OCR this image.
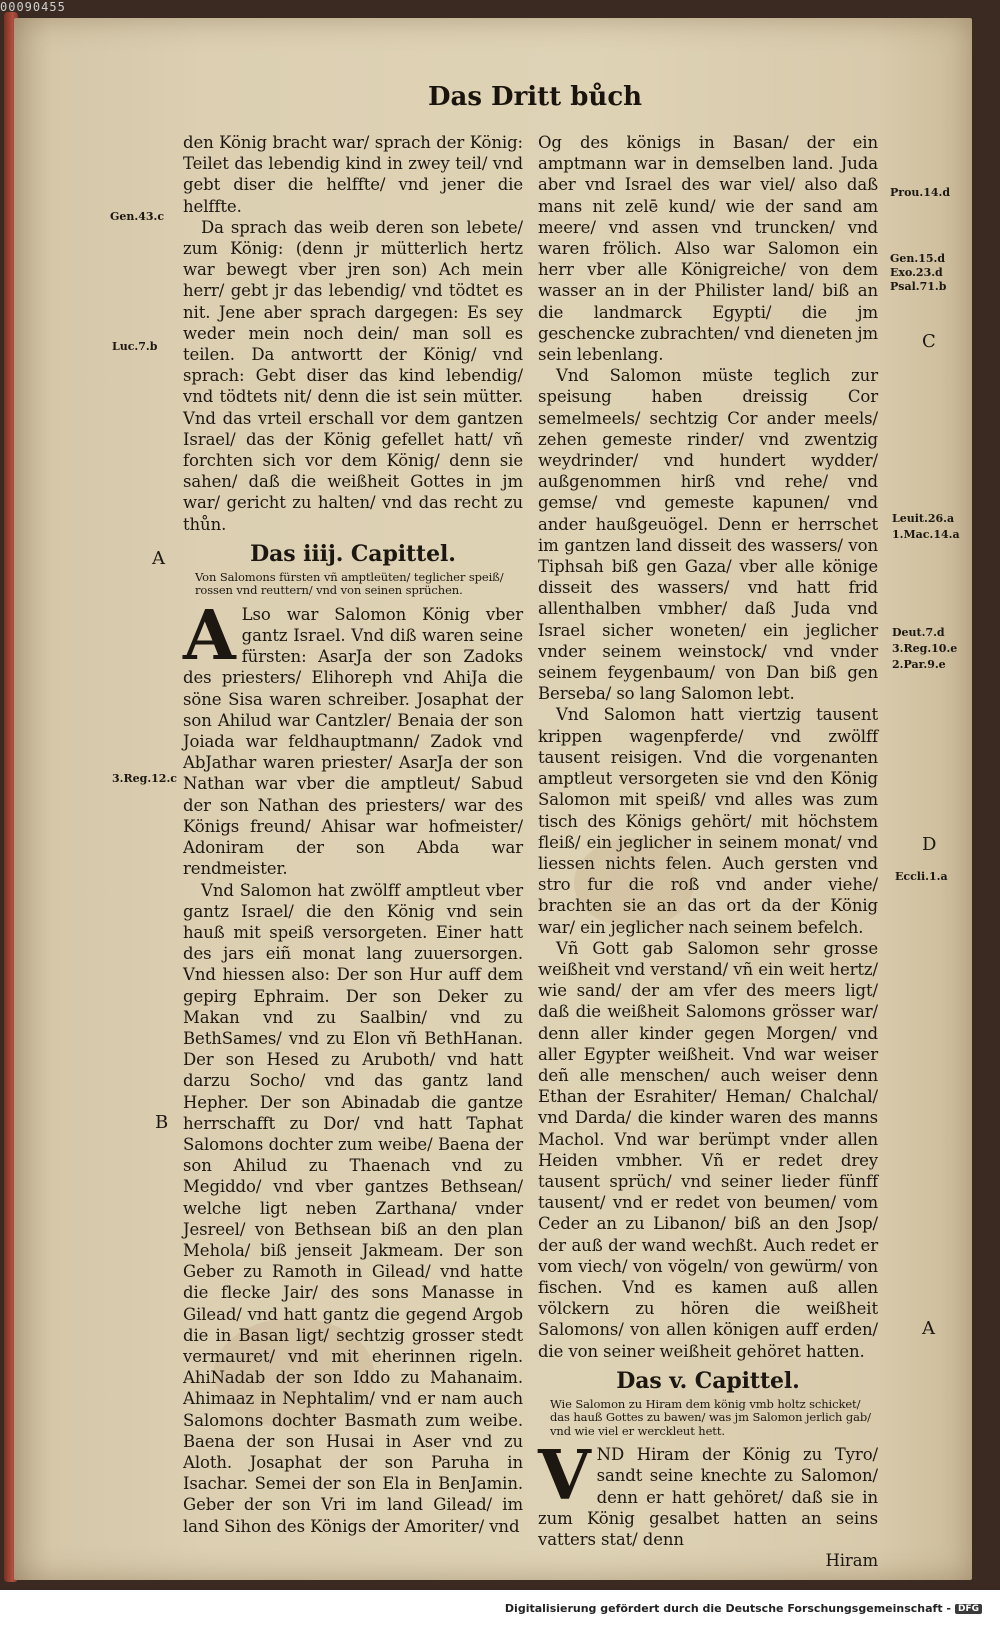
00090455
Das Dritt bůch

den König bracht war/ sprach der König: Teilet das lebendig kind in zwey teil/ vnd gebt diser die helffte/ vnd jener die helffte.

Da sprach das weib deren son lebete/ zum König: (denn jr mütterlich hertz war bewegt vber jren son) Ach mein herr/ gebt jr das lebendig/ vnd tödtet es nit. Jene aber sprach dargegen: Es sey weder mein noch dein/ man soll es teilen. Da antwortt der König/ vnd sprach: Gebt diser das kind lebendig/ vnd tödtets nit/ denn die ist sein mütter. Vnd das vrteil erschall vor dem gantzen Israel/ das der König gefellet hatt/ vñ forchten sich vor dem König/ denn sie sahen/ daß die weißheit Gottes in jm war/ gericht zu halten/ vnd das recht zu thůn.

Das iiij. Capittel.
Von Salomons fürsten vñ amptleüten/ teglicher speiß/ rossen vnd reuttern/ vnd von seinen sprüchen.

A Lso war Salomon König vber gantz Israel. Vnd diß waren seine fürsten: AsarJa der son Zadoks des priesters/ Elihoreph vnd AhiJa die söne Sisa waren schreiber. Josaphat der son Ahilud war Cantzler/ Benaia der son Joiada war feldhauptmann/ Zadok vnd AbJathar waren priester/ AsarJa der son Nathan war vber die amptleut/ Sabud der son Nathan des priesters/ war des Königs freund/ Ahisar war hofmeister/ Adoniram der son Abda war rendmeister.

Vnd Salomon hat zwölff amptleut vber gantz Israel/ die den König vnd sein hauß mit speiß versorgeten. Einer hatt des jars eiñ monat lang zuuersorgen. Vnd hiessen also: Der son Hur auff dem gepirg Ephraim. Der son Deker zu Makan vnd zu Saalbin/ vnd zu BethSames/ vnd zu Elon vñ BethHanan. Der son Hesed zu Aruboth/ vnd hatt darzu Socho/ vnd das gantz land Hepher. Der son Abinadab die gantze herrschafft zu Dor/ vnd hatt Taphat Salomons dochter zum weibe/ Baena der son Ahilud zu Thaenach vnd zu Megiddo/ vnd vber gantzes Bethsean/ welche ligt neben Zarthana/ vnder Jesreel/ von Bethsean biß an den plan Mehola/ biß jenseit Jakmeam. Der son Geber zu Ramoth in Gilead/ vnd hatte die flecke Jair/ des sons Manasse in Gilead/ vnd hatt gantz die gegend Argob die in Basan ligt/ sechtzig grosser stedt vermauret/ vnd mit eherinnen rigeln. AhiNadab der son Iddo zu Mahanaim. Ahimaaz in Nephtalim/ vnd er nam auch Salomons dochter Basmath zum weibe. Baena der son Husai in Aser vnd zu Aloth. Josaphat der son Paruha in Isachar. Semei der son Ela in BenJamin. Geber der son Vri im land Gilead/ im land Sihon des Königs der Amoriter/ vnd

Og des königs in Basan/ der ein amptmann war in demselben land. Juda aber vnd Israel des war viel/ also daß mans nit zelē kund/ wie der sand am meere/ vnd assen vnd truncken/ vnd waren frölich. Also war Salomon ein herr vber alle Königreiche/ von dem wasser an in der Philister land/ biß an die landmarck Egypti/ die jm geschencke zubrachten/ vnd dieneten jm sein lebenlang.

Vnd Salomon müste teglich zur speisung haben dreissig Cor semelmeels/ sechtzig Cor ander meels/ zehen gemeste rinder/ vnd zwentzig weydrinder/ vnd hundert wydder/ außgenommen hirß vnd rehe/ vnd gemse/ vnd gemeste kapunen/ vnd ander haußgeuögel. Denn er herrschet im gantzen land disseit des wassers/ von Tiphsah biß gen Gaza/ vber alle könige disseit des wassers/ vnd hatt frid allenthalben vmbher/ daß Juda vnd Israel sicher woneten/ ein jeglicher vnder seinem weinstock/ vnd vnder seinem feygenbaum/ von Dan biß gen Berseba/ so lang Salomon lebt.

Vnd Salomon hatt viertzig tausent krippen wagenpferde/ vnd zwölff tausent reisigen. Vnd die vorgenanten amptleut versorgeten sie vnd den König Salomon mit speiß/ vnd alles was zum tisch des Königs gehört/ mit höchstem fleiß/ ein jeglicher in seinem monat/ vnd liessen nichts felen. Auch gersten vnd stro fur die roß vnd ander viehe/ brachten sie an das ort da der König war/ ein jeglicher nach seinem befelch.

Vñ Gott gab Salomon sehr grosse weißheit vnd verstand/ vñ ein weit hertz/ wie sand/ der am vfer des meers ligt/ daß die weißheit Salomons grösser war/ denn aller kinder gegen Morgen/ vnd aller Egypter weißheit. Vnd war weiser deñ alle menschen/ auch weiser denn Ethan der Esrahiter/ Heman/ Chalchal/ vnd Darda/ die kinder waren des manns Machol. Vnd war berümpt vnder allen Heiden vmbher. Vñ er redet drey tausent sprüch/ vnd seiner lieder fünff tausent/ vnd er redet von beumen/ vom Ceder an zu Libanon/ biß an den Jsop/ der auß der wand wechßt. Auch redet er vom viech/ von vögeln/ von gewürm/ von fischen. Vnd es kamen auß allen völckern zu hören die weißheit Salomons/ von allen königen auff erden/ die von seiner weißheit gehöret hatten.

Das v. Capittel.
Wie Salomon zu Hiram dem könig vmb holtz schicket/ das hauß Gottes zu bawen/ was jm Salomon jerlich gab/ vnd wie viel er werckleut hett.

VND Hiram der König zu Tyro/ sandt seine knechte zu Salomon/ denn er hatt gehöret/ daß sie in zum König gesalbet hatten an seins vatters stat/ denn

Hiram
Gen.43.c
Luc.7.b
A
3.Reg.12.c
B
Prou.14.d
Gen.15.d
Exo.23.d
Psal.71.b
C
Leuit.26.a
1.Mac.14.a
Deut.7.d
3.Reg.10.e
2.Par.9.e
D
Eccli.1.a
A
Digitalisierung gefördert durch die Deutsche Forschungsgemeinschaft - DFG
